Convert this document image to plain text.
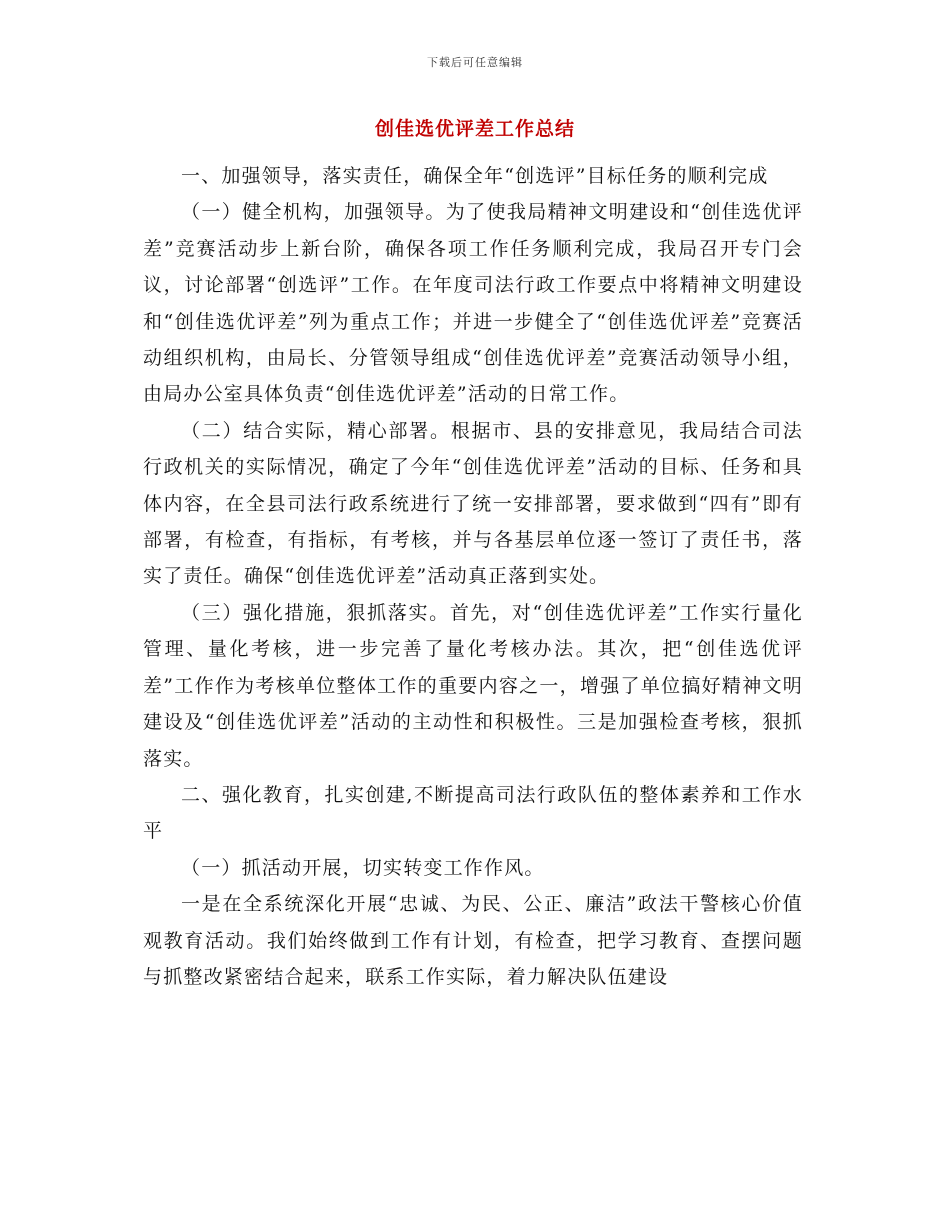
下载后可任意编辑
创佳选优评差工作总结

一、加强领导，落实责任，确保全年“创选评”目标任务的顺利完成

（一）健全机构，加强领导。为了使我局精神文明建设和“创佳选优评差”竞赛活动步上新台阶，确保各项工作任务顺利完成，我局召开专门会议，讨论部署“创选评”工作。在年度司法行政工作要点中将精神文明建设和“创佳选优评差”列为重点工作；并进一步健全了“创佳选优评差”竞赛活动组织机构，由局长、分管领导组成“创佳选优评差”竞赛活动领导小组，由局办公室具体负责“创佳选优评差”活动的日常工作。

（二）结合实际，精心部署。根据市、县的安排意见，我局结合司法行政机关的实际情况，确定了今年“创佳选优评差”活动的目标、任务和具体内容，在全县司法行政系统进行了统一安排部署，要求做到“四有”即有部署，有检查，有指标，有考核，并与各基层单位逐一签订了责任书，落实了责任。确保“创佳选优评差”活动真正落到实处。

（三）强化措施，狠抓落实。首先，对“创佳选优评差”工作实行量化管理、量化考核，进一步完善了量化考核办法。其次，把“创佳选优评差”工作作为考核单位整体工作的重要内容之一，增强了单位搞好精神文明建设及“创佳选优评差”活动的主动性和积极性。三是加强检查考核，狠抓落实。

二、强化教育，扎实创建,不断提高司法行政队伍的整体素养和工作水平

（一）抓活动开展，切实转变工作作风。

一是在全系统深化开展“忠诚、为民、公正、廉洁”政法干警核心价值观教育活动。我们始终做到工作有计划，有检查，把学习教育、查摆问题与抓整改紧密结合起来，联系工作实际，着力解决队伍建设
